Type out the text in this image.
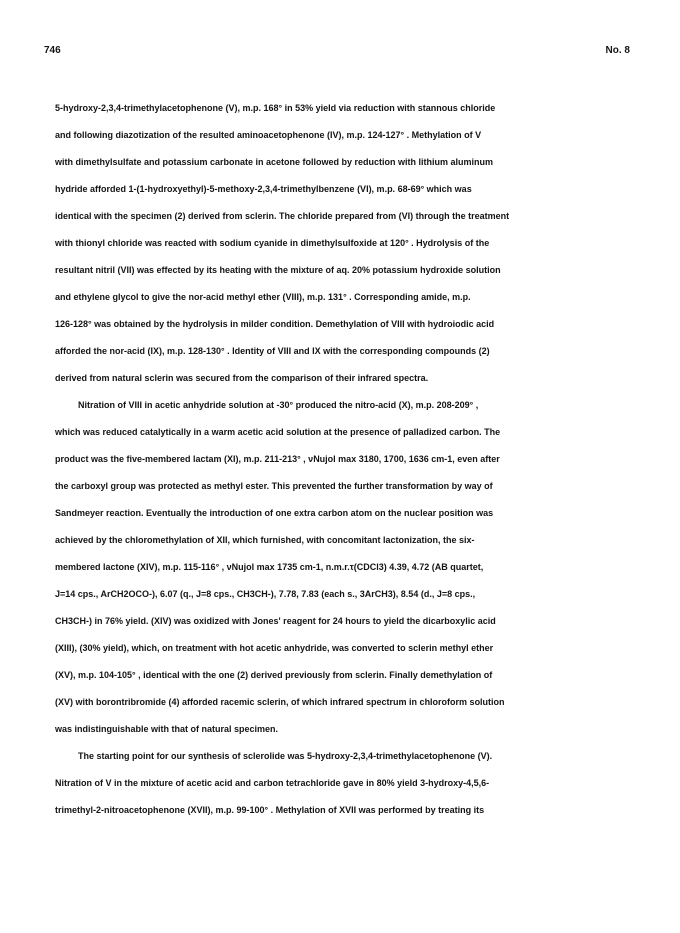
746	No. 8
5-hydroxy-2,3,4-trimethylacetophenone (V), m.p. 168° in 53% yield via reduction with stannous chloride
and following diazotization of the resulted aminoacetophenone (IV), m.p. 124-127° . Methylation of V
with dimethylsulfate and potassium carbonate in acetone followed by reduction with lithium aluminum
hydride afforded 1-(1-hydroxyethyl)-5-methoxy-2,3,4-trimethylbenzene (VI), m.p. 68-69° which was
identical with the specimen (2) derived from sclerin. The chloride prepared from (VI) through the treatment
with thionyl chloride was reacted with sodium cyanide in dimethylsulfoxide at 120° . Hydrolysis of the
resultant nitril (VII) was effected by its heating with the mixture of aq. 20% potassium hydroxide solution
and ethylene glycol to give the nor-acid methyl ether (VIII), m.p. 131° . Corresponding amide, m.p.
126-128° was obtained by the hydrolysis in milder condition. Demethylation of VIII with hydroiodic acid
afforded the nor-acid (IX), m.p. 128-130° . Identity of VIII and IX with the corresponding compounds (2)
derived from natural sclerin was secured from the comparison of their infrared spectra.
Nitration of VIII in acetic anhydride solution at -30° produced the nitro-acid (X), m.p. 208-209° ,
which was reduced catalytically in a warm acetic acid solution at the presence of palladized carbon. The
product was the five-membered lactam (XI), m.p. 211-213° , νNujol max 3180, 1700, 1636 cm-1, even after
the carboxyl group was protected as methyl ester. This prevented the further transformation by way of
Sandmeyer reaction. Eventually the introduction of one extra carbon atom on the nuclear position was
achieved by the chloromethylation of XII, which furnished, with concomitant lactonization, the six-
membered lactone (XIV), m.p. 115-116° , νNujol max 1735 cm-1, n.m.r.τ(CDCl3) 4.39, 4.72 (AB quartet,
J=14 cps., ArCH2OCO-), 6.07 (q., J=8 cps., CH3CH-), 7.78, 7.83 (each s., 3ArCH3), 8.54 (d., J=8 cps.,
CH3CH-) in 76% yield. (XIV) was oxidized with Jones' reagent for 24 hours to yield the dicarboxylic acid
(XIII), (30% yield), which, on treatment with hot acetic anhydride, was converted to sclerin methyl ether
(XV), m.p. 104-105° , identical with the one (2) derived previously from sclerin. Finally demethylation of
(XV) with borontribromide (4) afforded racemic sclerin, of which infrared spectrum in chloroform solution
was indistinguishable with that of natural specimen.
The starting point for our synthesis of sclerolide was 5-hydroxy-2,3,4-trimethylacetophenone (V).
Nitration of V in the mixture of acetic acid and carbon tetrachloride gave in 80% yield 3-hydroxy-4,5,6-
trimethyl-2-nitroacetophenone (XVII), m.p. 99-100° . Methylation of XVII was performed by treating its
